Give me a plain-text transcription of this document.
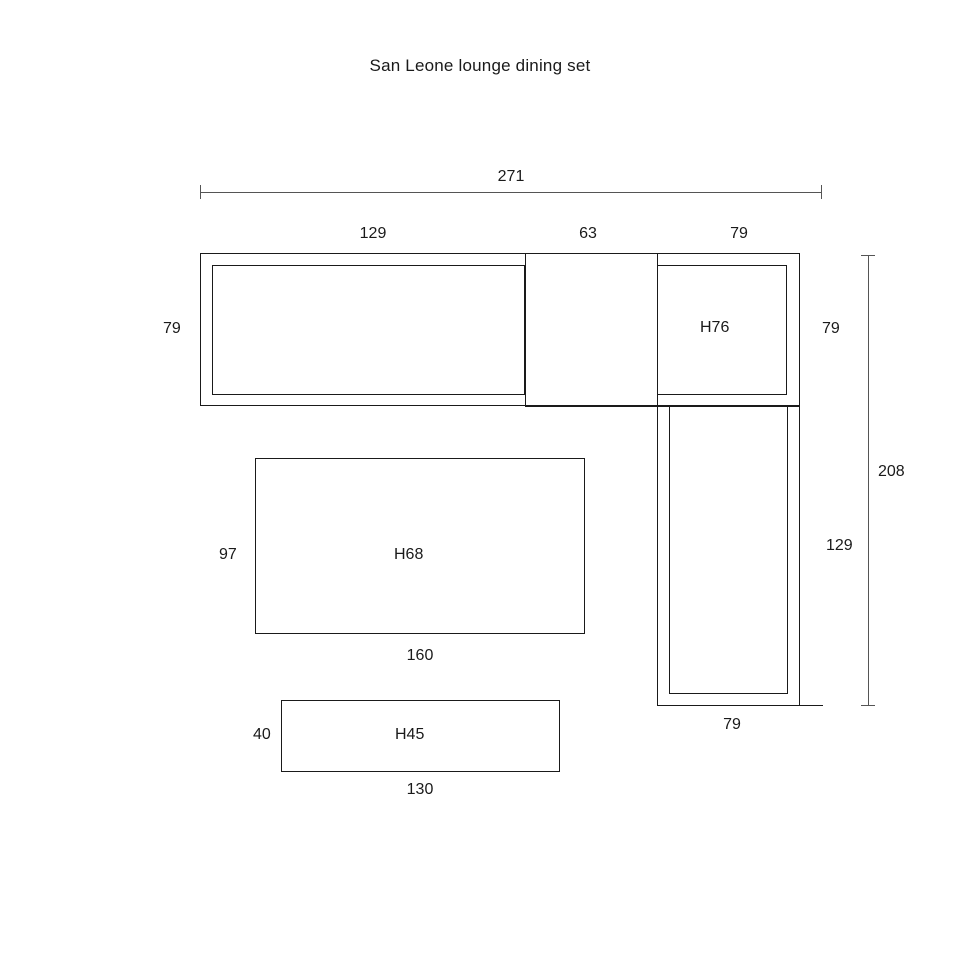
San Leone lounge dining set
271
129	63	79
H76
79	79
129
79
208
H68
97
160
H45
40
130
